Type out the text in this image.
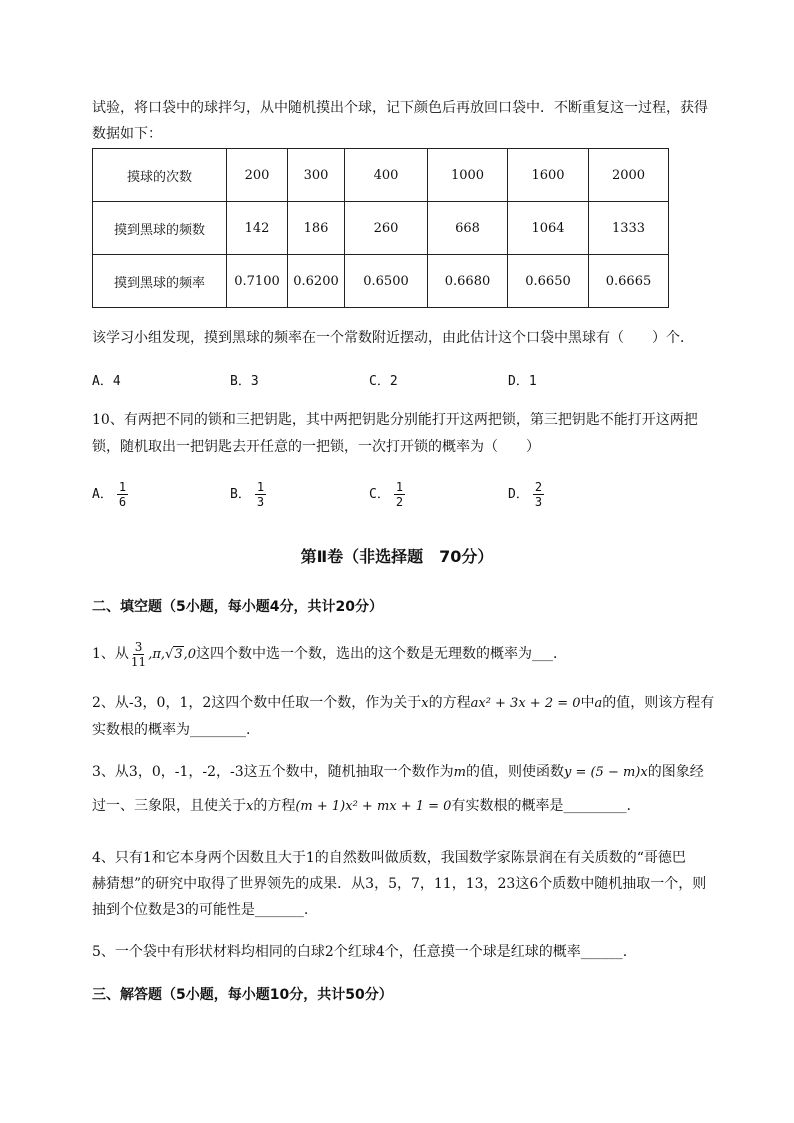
试验，将口袋中的球拌匀，从中随机摸出个球，记下颜色后再放回口袋中．不断重复这一过程，获得
数据如下：
摸球的次数	200	300	400	1000	1600	2000
摸到黑球的频数	142	186	260	668	1064	1333
摸到黑球的频率	0.7100	0.6200	0.6500	0.6680	0.6650	0.6665
该学习小组发现，摸到黑球的频率在一个常数附近摆动，由此估计这个口袋中黑球有（　　）个．
A．4	B．3	C．2	D．1
10、有两把不同的锁和三把钥匙，其中两把钥匙分别能打开这两把锁，第三把钥匙不能打开这两把
锁，随机取出一把钥匙去开任意的一把锁，一次打开锁的概率为（　　）
A． $\frac{1}{6}$	B． $\frac{1}{3}$	C． $\frac{1}{2}$	D． $\frac{2}{3}$
第Ⅱ卷（非选择题　70分）
二、填空题（5小题，每小题4分，共计20分）
1、从 $\frac{3}{11} ,\pi,√3,0$这四个数中选一个数，选出的这个数是无理数的概率为___．
2、从-3，0，1，2这四个数中任取一个数，作为关于x的方程ax² + 3x + 2 = 0中a的值，则该方程有
实数根的概率为________.
3、从3，0，-1，-2，-3这五个数中，随机抽取一个数作为m的值，则使函数y = (5 − m)x的图象经
过一、三象限，且使关于x的方程(m + 1)x² + mx + 1 = 0有实数根的概率是_________.
4、只有1和它本身两个因数且大于1的自然数叫做质数，我国数学家陈景润在有关质数的“哥德巴
赫猜想”的研究中取得了世界领先的成果．从3，5，7，11，13，23这6个质数中随机抽取一个，则
抽到个位数是3的可能性是_______.
5、一个袋中有形状材料均相同的白球2个红球4个，任意摸一个球是红球的概率______.
三、解答题（5小题，每小题10分，共计50分）
